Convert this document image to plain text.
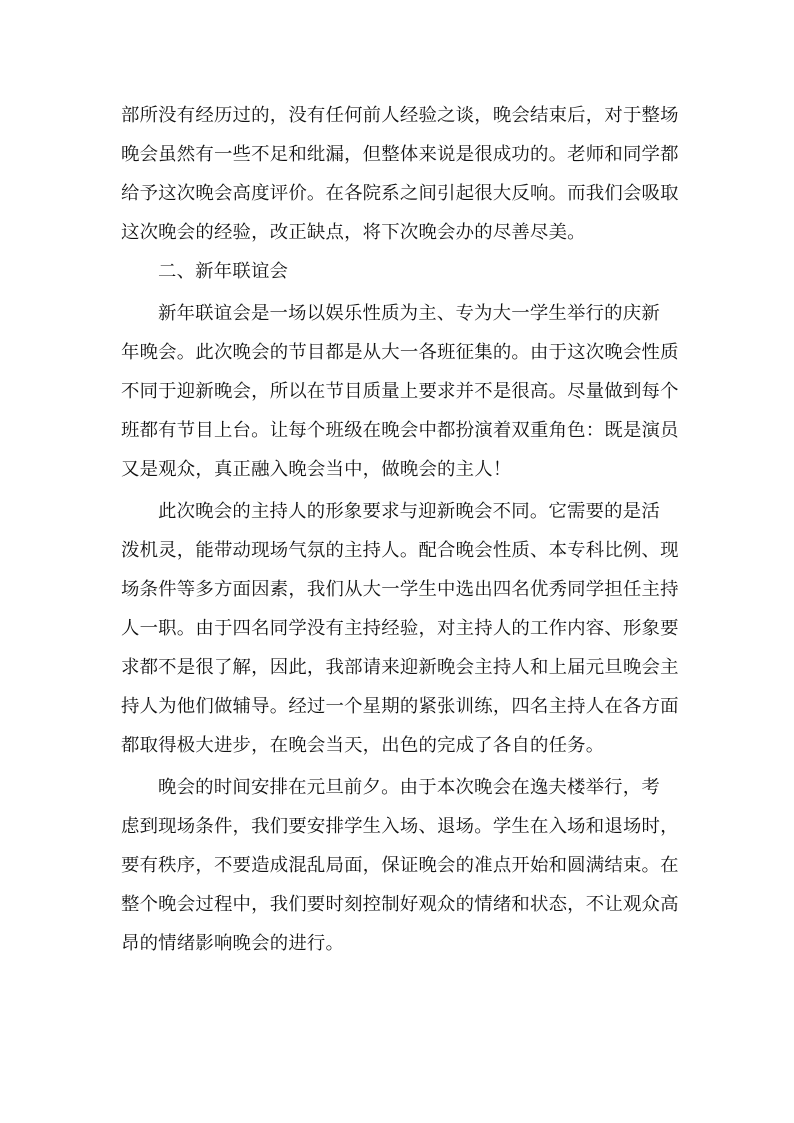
部所没有经历过的，没有任何前人经验之谈，晚会结束后，对于整场
晚会虽然有一些不足和纰漏，但整体来说是很成功的。老师和同学都
给予这次晚会高度评价。在各院系之间引起很大反响。而我们会吸取
这次晚会的经验，改正缺点，将下次晚会办的尽善尽美。
二、新年联谊会
新年联谊会是一场以娱乐性质为主、专为大一学生举行的庆新
年晚会。此次晚会的节目都是从大一各班征集的。由于这次晚会性质
不同于迎新晚会，所以在节目质量上要求并不是很高。尽量做到每个
班都有节目上台。让每个班级在晚会中都扮演着双重角色：既是演员
又是观众，真正融入晚会当中，做晚会的主人！
此次晚会的主持人的形象要求与迎新晚会不同。它需要的是活
泼机灵，能带动现场气氛的主持人。配合晚会性质、本专科比例、现
场条件等多方面因素，我们从大一学生中选出四名优秀同学担任主持
人一职。由于四名同学没有主持经验，对主持人的工作内容、形象要
求都不是很了解，因此，我部请来迎新晚会主持人和上届元旦晚会主
持人为他们做辅导。经过一个星期的紧张训练，四名主持人在各方面
都取得极大进步，在晚会当天，出色的完成了各自的任务。
晚会的时间安排在元旦前夕。由于本次晚会在逸夫楼举行，考
虑到现场条件，我们要安排学生入场、退场。学生在入场和退场时，
要有秩序，不要造成混乱局面，保证晚会的准点开始和圆满结束。在
整个晚会过程中，我们要时刻控制好观众的情绪和状态，不让观众高
昂的情绪影响晚会的进行。
